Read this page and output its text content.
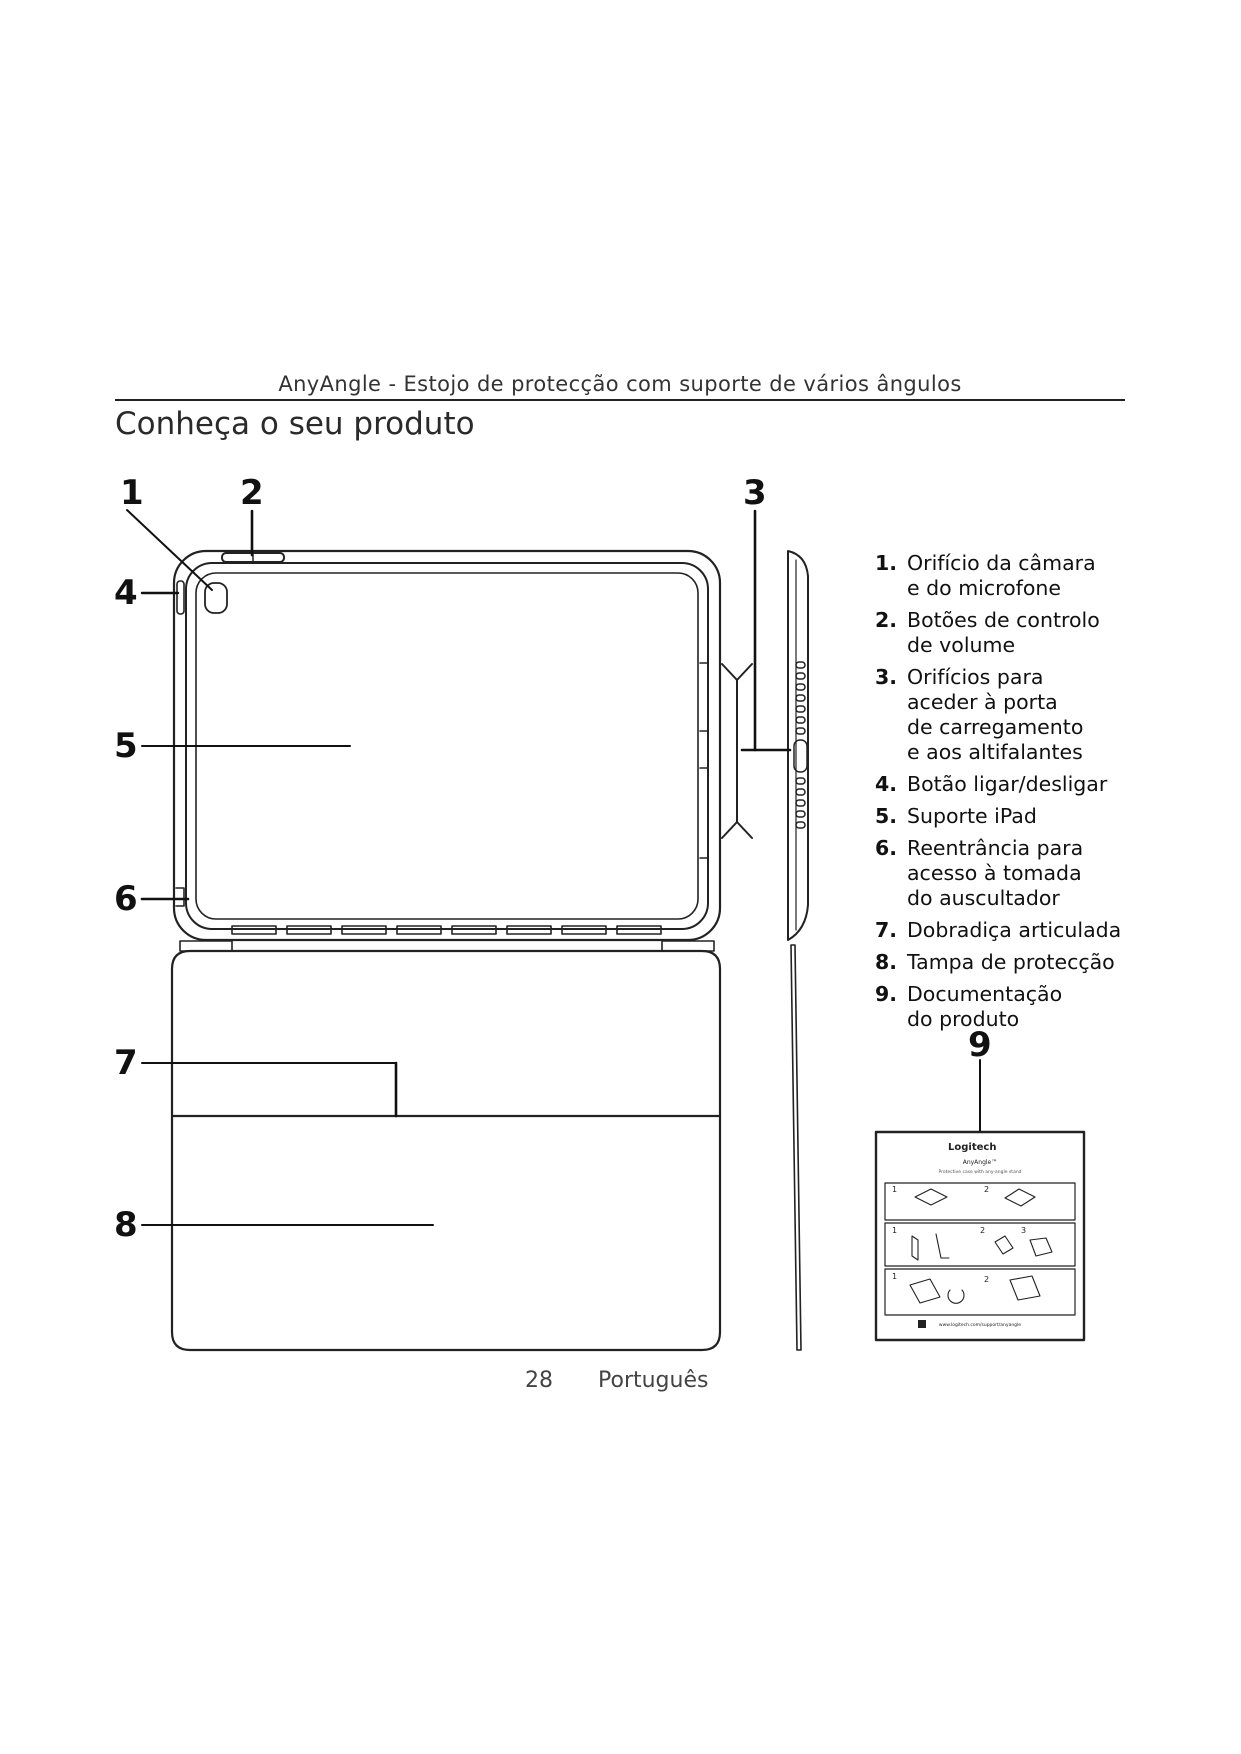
AnyAngle - Estojo de protecção com suporte de vários ângulos
Conheça o seu produto
Logitech
AnyAngle™
Protective case with any-angle stand
1	2
1	2	3
1	2
www.logitech.com/support/anyangle
1	2	3
4
5
6
7
8
9
1. Orifício da câmara
e do microfone
2. Botões de controlo
de volume
3. Orifícios para
aceder à porta
de carregamento
e aos altifalantes
4. Botão ligar/desligar
5. Suporte iPad
6. Reentrância para
acesso à tomada
do auscultador
7. Dobradiça articulada
8. Tampa de protecção
9. Documentação
do produto
28 Português
